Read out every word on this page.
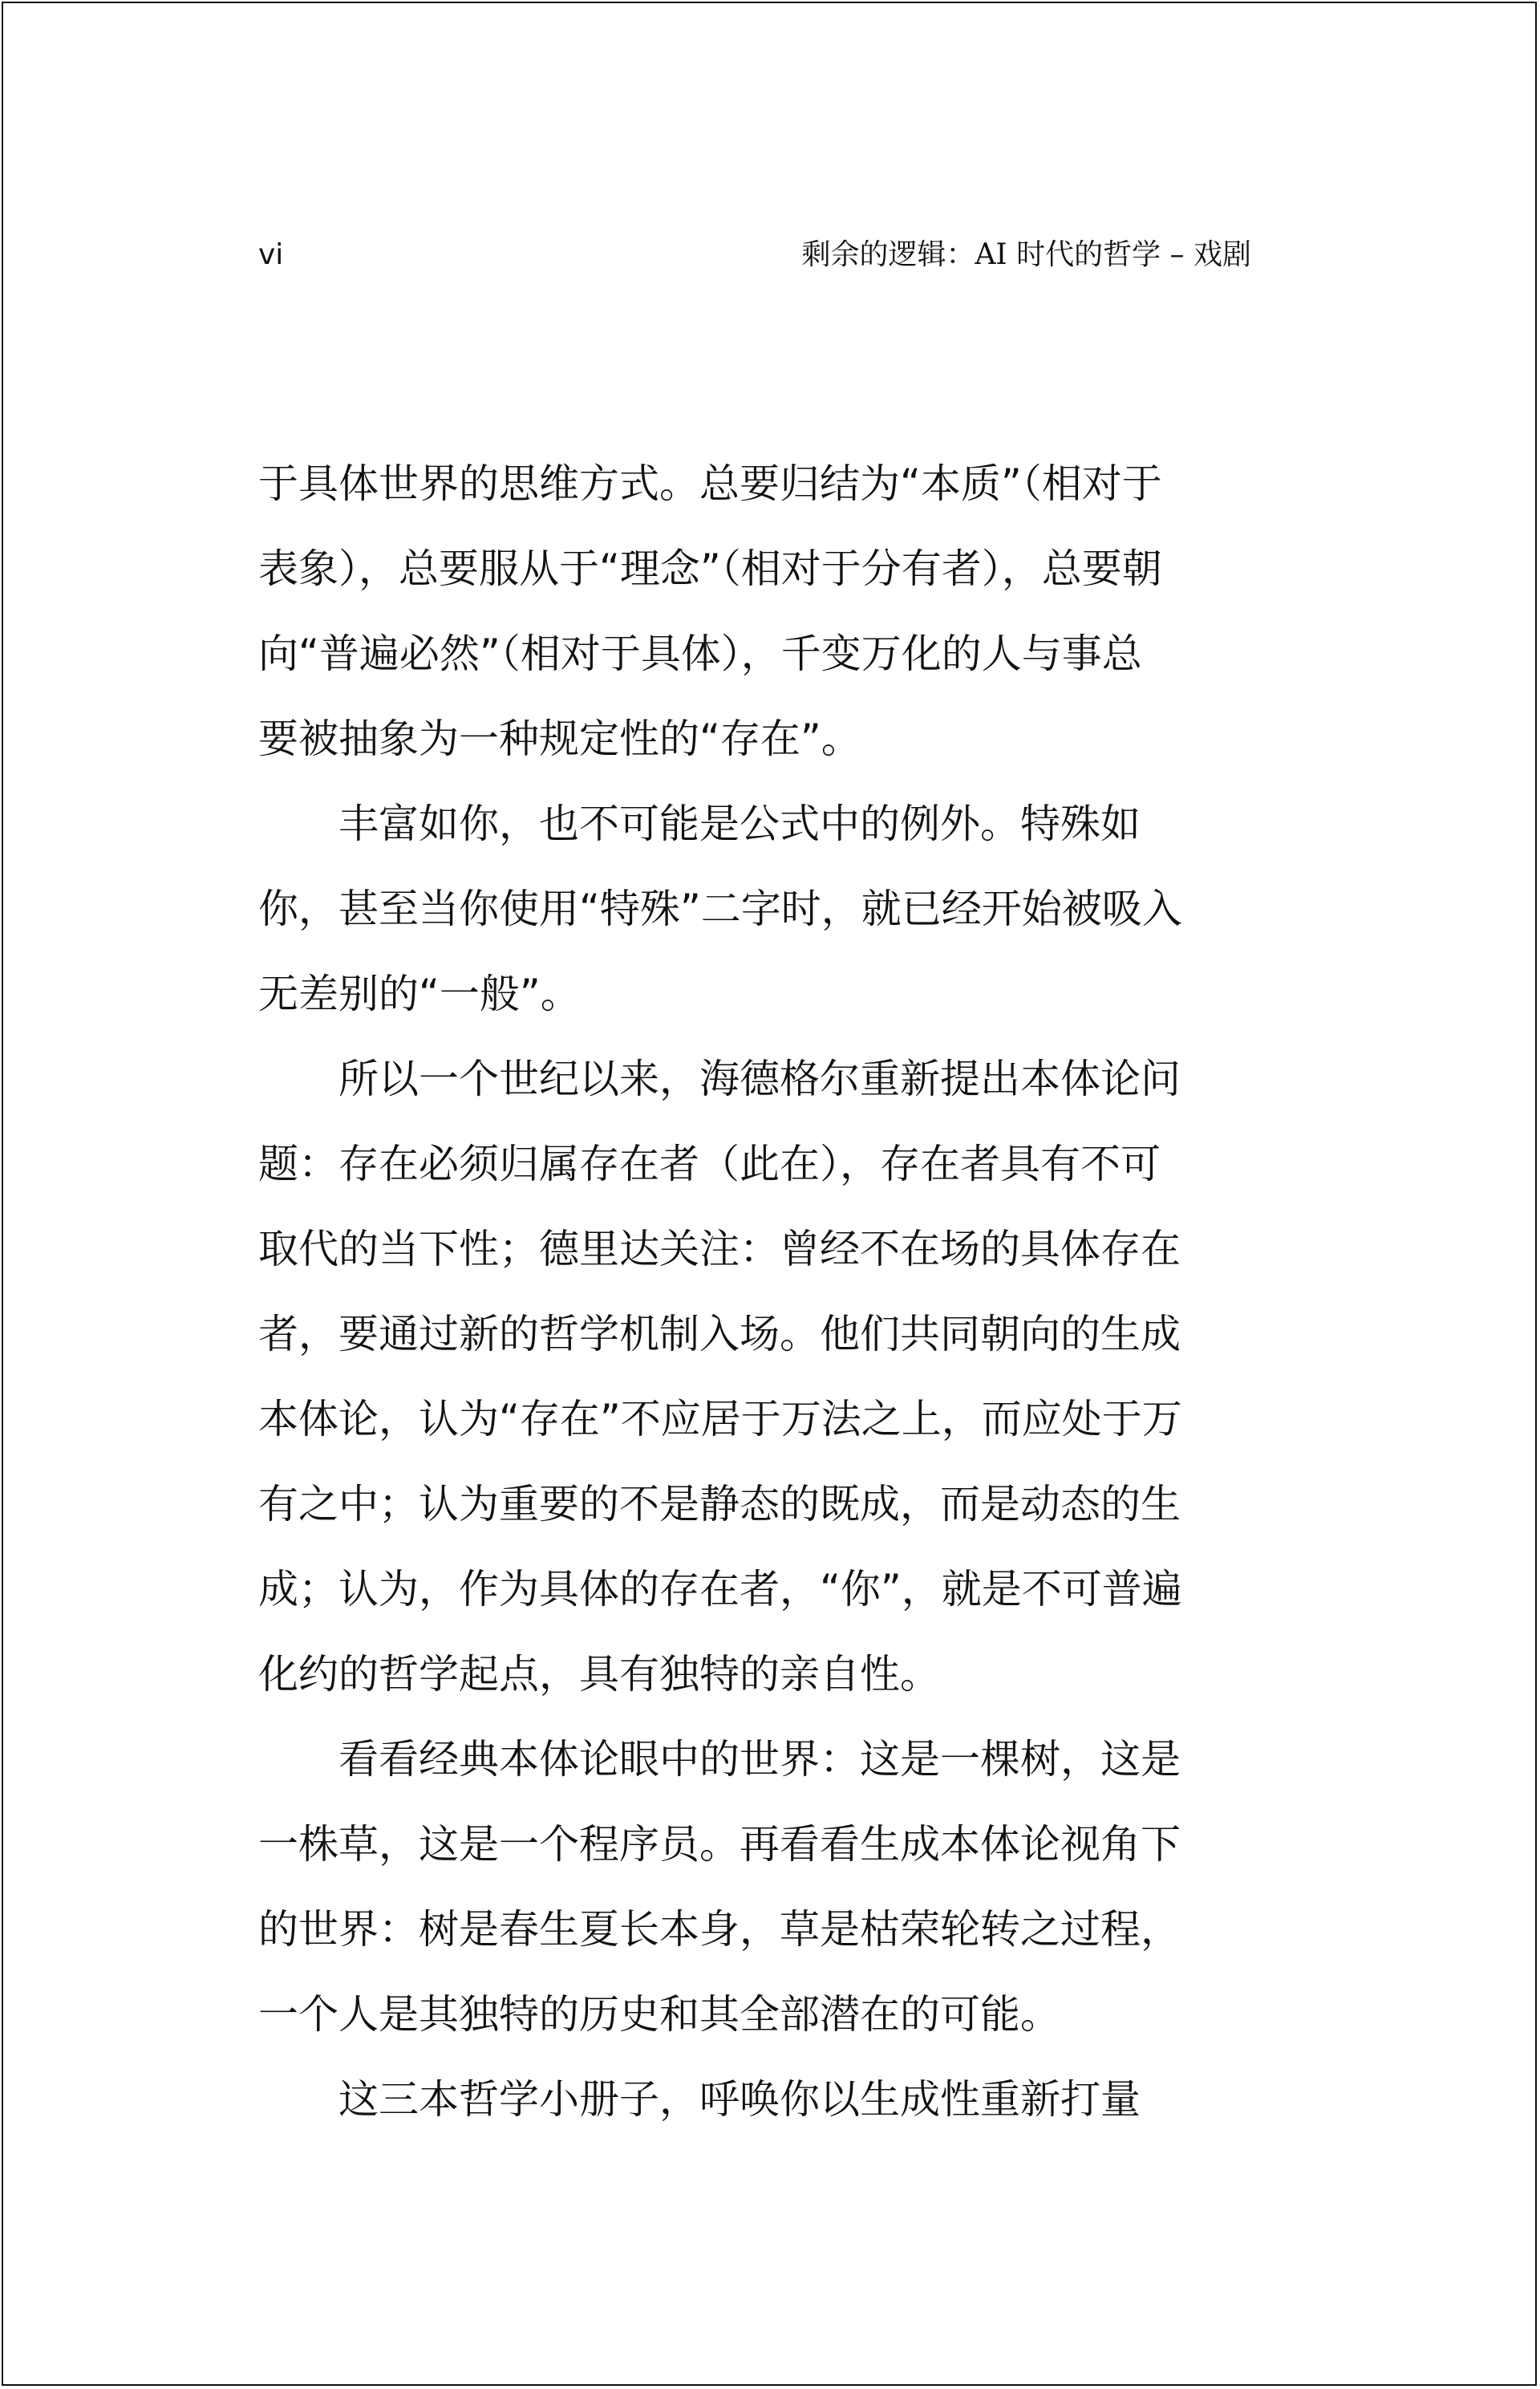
vi	剩余的逻辑：AI 时代的哲学 – 戏剧
于具体世界的思维方式。总要归结为“本质”（相对于
表象），总要服从于“理念”（相对于分有者），总要朝
向“普遍必然”（相对于具体），千变万化的人与事总
要被抽象为一种规定性的“存在”。
　　丰富如你，也不可能是公式中的例外。特殊如
你，甚至当你使用“特殊”二字时，就已经开始被吸入
无差别的“一般”。
　　所以一个世纪以来，海德格尔重新提出本体论问
题：存在必须归属存在者（此在），存在者具有不可
取代的当下性；德里达关注：曾经不在场的具体存在
者，要通过新的哲学机制入场。他们共同朝向的生成
本体论，认为“存在”不应居于万法之上，而应处于万
有之中；认为重要的不是静态的既成，而是动态的生
成；认为，作为具体的存在者，“你”，就是不可普遍
化约的哲学起点，具有独特的亲自性。
　　看看经典本体论眼中的世界：这是一棵树，这是
一株草，这是一个程序员。再看看生成本体论视角下
的世界：树是春生夏长本身，草是枯荣轮转之过程，
一个人是其独特的历史和其全部潜在的可能。
　　这三本哲学小册子，呼唤你以生成性重新打量
